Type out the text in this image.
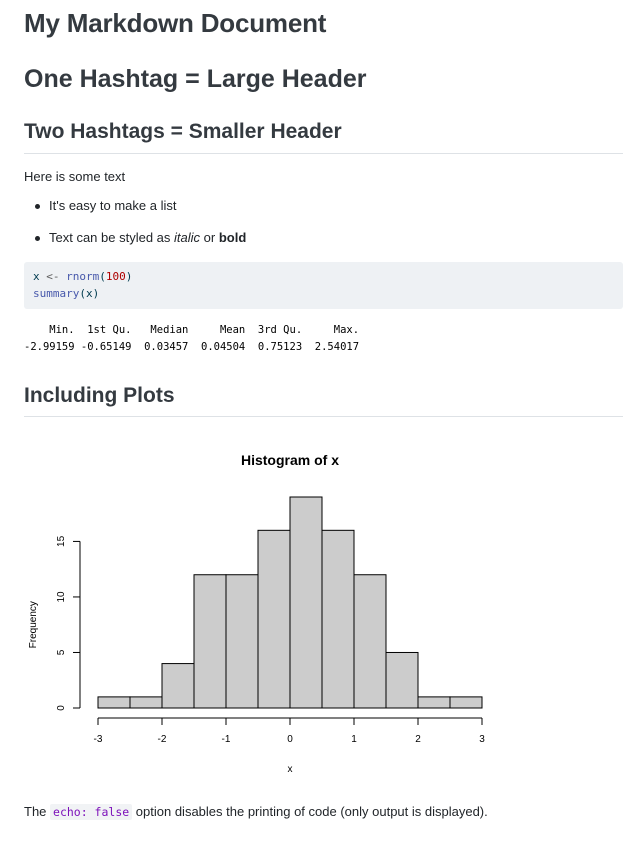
My Markdown Document
One Hashtag = Large Header
Two Hashtags = Smaller Header

Here is some text

It's easy to make a list
Text can be styled as italic or bold
x <- rnorm(100)
summary(x)
Min.  1st Qu.   Median     Mean  3rd Qu.     Max.
-2.99159 -0.65149  0.03457  0.04504  0.75123  2.54017
Including Plots
Histogram of x
-3	-2	-1	0	1	2	3
x
0
5
10
15
Frequency

The echo: false option disables the printing of code (only output is displayed).
